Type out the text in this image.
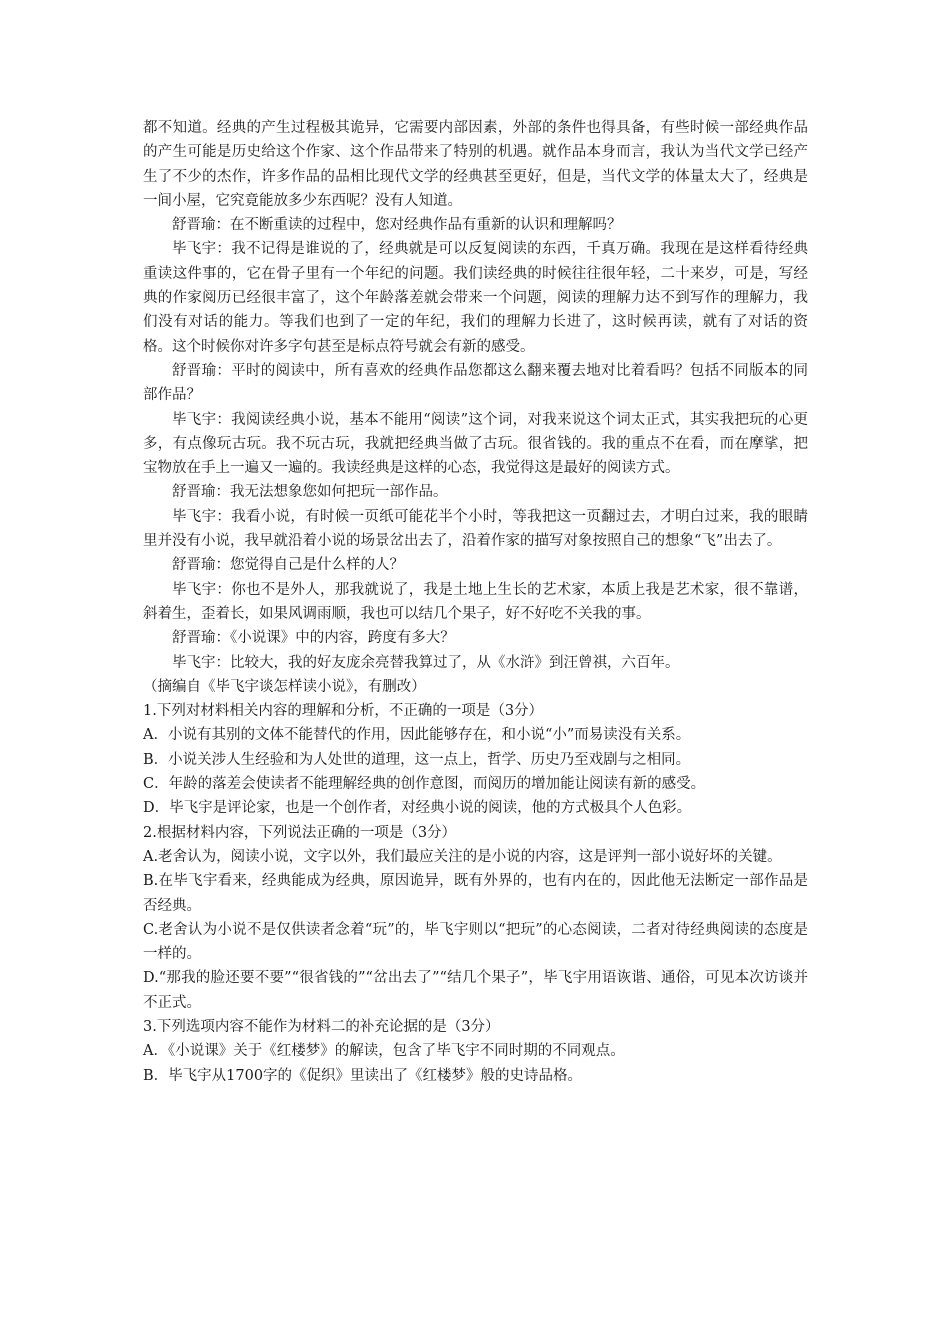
都不知道。经典的产生过程极其诡异，它需要内部因素，外部的条件也得具备，有些时候一部经典作品的产生可能是历史给这个作家、这个作品带来了特别的机遇。就作品本身而言，我认为当代文学已经产生了不少的杰作，许多作品的品相比现代文学的经典甚至更好，但是，当代文学的体量太大了，经典是一间小屋，它究竟能放多少东西呢？没有人知道。

舒晋瑜：在不断重读的过程中，您对经典作品有重新的认识和理解吗？

毕飞宇：我不记得是谁说的了，经典就是可以反复阅读的东西，千真万确。我现在是这样看待经典重读这件事的，它在骨子里有一个年纪的问题。我们读经典的时候往往很年轻，二十来岁，可是，写经典的作家阅历已经很丰富了，这个年龄落差就会带来一个问题，阅读的理解力达不到写作的理解力，我们没有对话的能力。等我们也到了一定的年纪，我们的理解力长进了，这时候再读，就有了对话的资格。这个时候你对许多字句甚至是标点符号就会有新的感受。

舒晋瑜：平时的阅读中，所有喜欢的经典作品您都这么翻来覆去地对比着看吗？包括不同版本的同部作品？

毕飞宇：我阅读经典小说，基本不能用“阅读”这个词，对我来说这个词太正式，其实我把玩的心更多，有点像玩古玩。我不玩古玩，我就把经典当做了古玩。很省钱的。我的重点不在看，而在摩挲，把宝物放在手上一遍又一遍的。我读经典是这样的心态，我觉得这是最好的阅读方式。

舒晋瑜：我无法想象您如何把玩一部作品。

毕飞宇：我看小说，有时候一页纸可能花半个小时，等我把这一页翻过去，才明白过来，我的眼睛里并没有小说，我早就沿着小说的场景岔出去了，沿着作家的描写对象按照自己的想象“飞”出去了。

舒晋瑜：您觉得自己是什么样的人？

毕飞宇：你也不是外人，那我就说了，我是土地上生长的艺术家，本质上我是艺术家，很不靠谱，斜着生，歪着长，如果风调雨顺，我也可以结几个果子，好不好吃不关我的事。

舒晋瑜：《小说课》中的内容，跨度有多大？

毕飞宇：比较大，我的好友庞余亮替我算过了，从《水浒》到汪曾祺，六百年。

（摘编自《毕飞宇谈怎样读小说》，有删改）

1.下列对材料相关内容的理解和分析，不正确的一项是（3分）

A．小说有其别的文体不能替代的作用，因此能够存在，和小说“小”而易读没有关系。

B．小说关涉人生经验和为人处世的道理，这一点上，哲学、历史乃至戏剧与之相同。

C．年龄的落差会使读者不能理解经典的创作意图，而阅历的增加能让阅读有新的感受。

D．毕飞宇是评论家，也是一个创作者，对经典小说的阅读，他的方式极具个人色彩。

2.根据材料内容，下列说法正确的一项是（3分）

A.老舍认为，阅读小说，文字以外，我们最应关注的是小说的内容，这是评判一部小说好坏的关键。

B.在毕飞宇看来，经典能成为经典，原因诡异，既有外界的，也有内在的，因此他无法断定一部作品是否经典。

C.老舍认为小说不是仅供读者念着“玩”的，毕飞宇则以“把玩”的心态阅读，二者对待经典阅读的态度是一样的。

D.“那我的脸还要不要”“很省钱的”“岔出去了”“结几个果子”，毕飞宇用语诙谐、通俗，可见本次访谈并不正式。

3.下列选项内容不能作为材料二的补充论据的是（3分）

A．《小说课》关于《红楼梦》的解读，包含了毕飞宇不同时期的不同观点。

B．毕飞宇从1700字的《促织》里读出了《红楼梦》般的史诗品格。
